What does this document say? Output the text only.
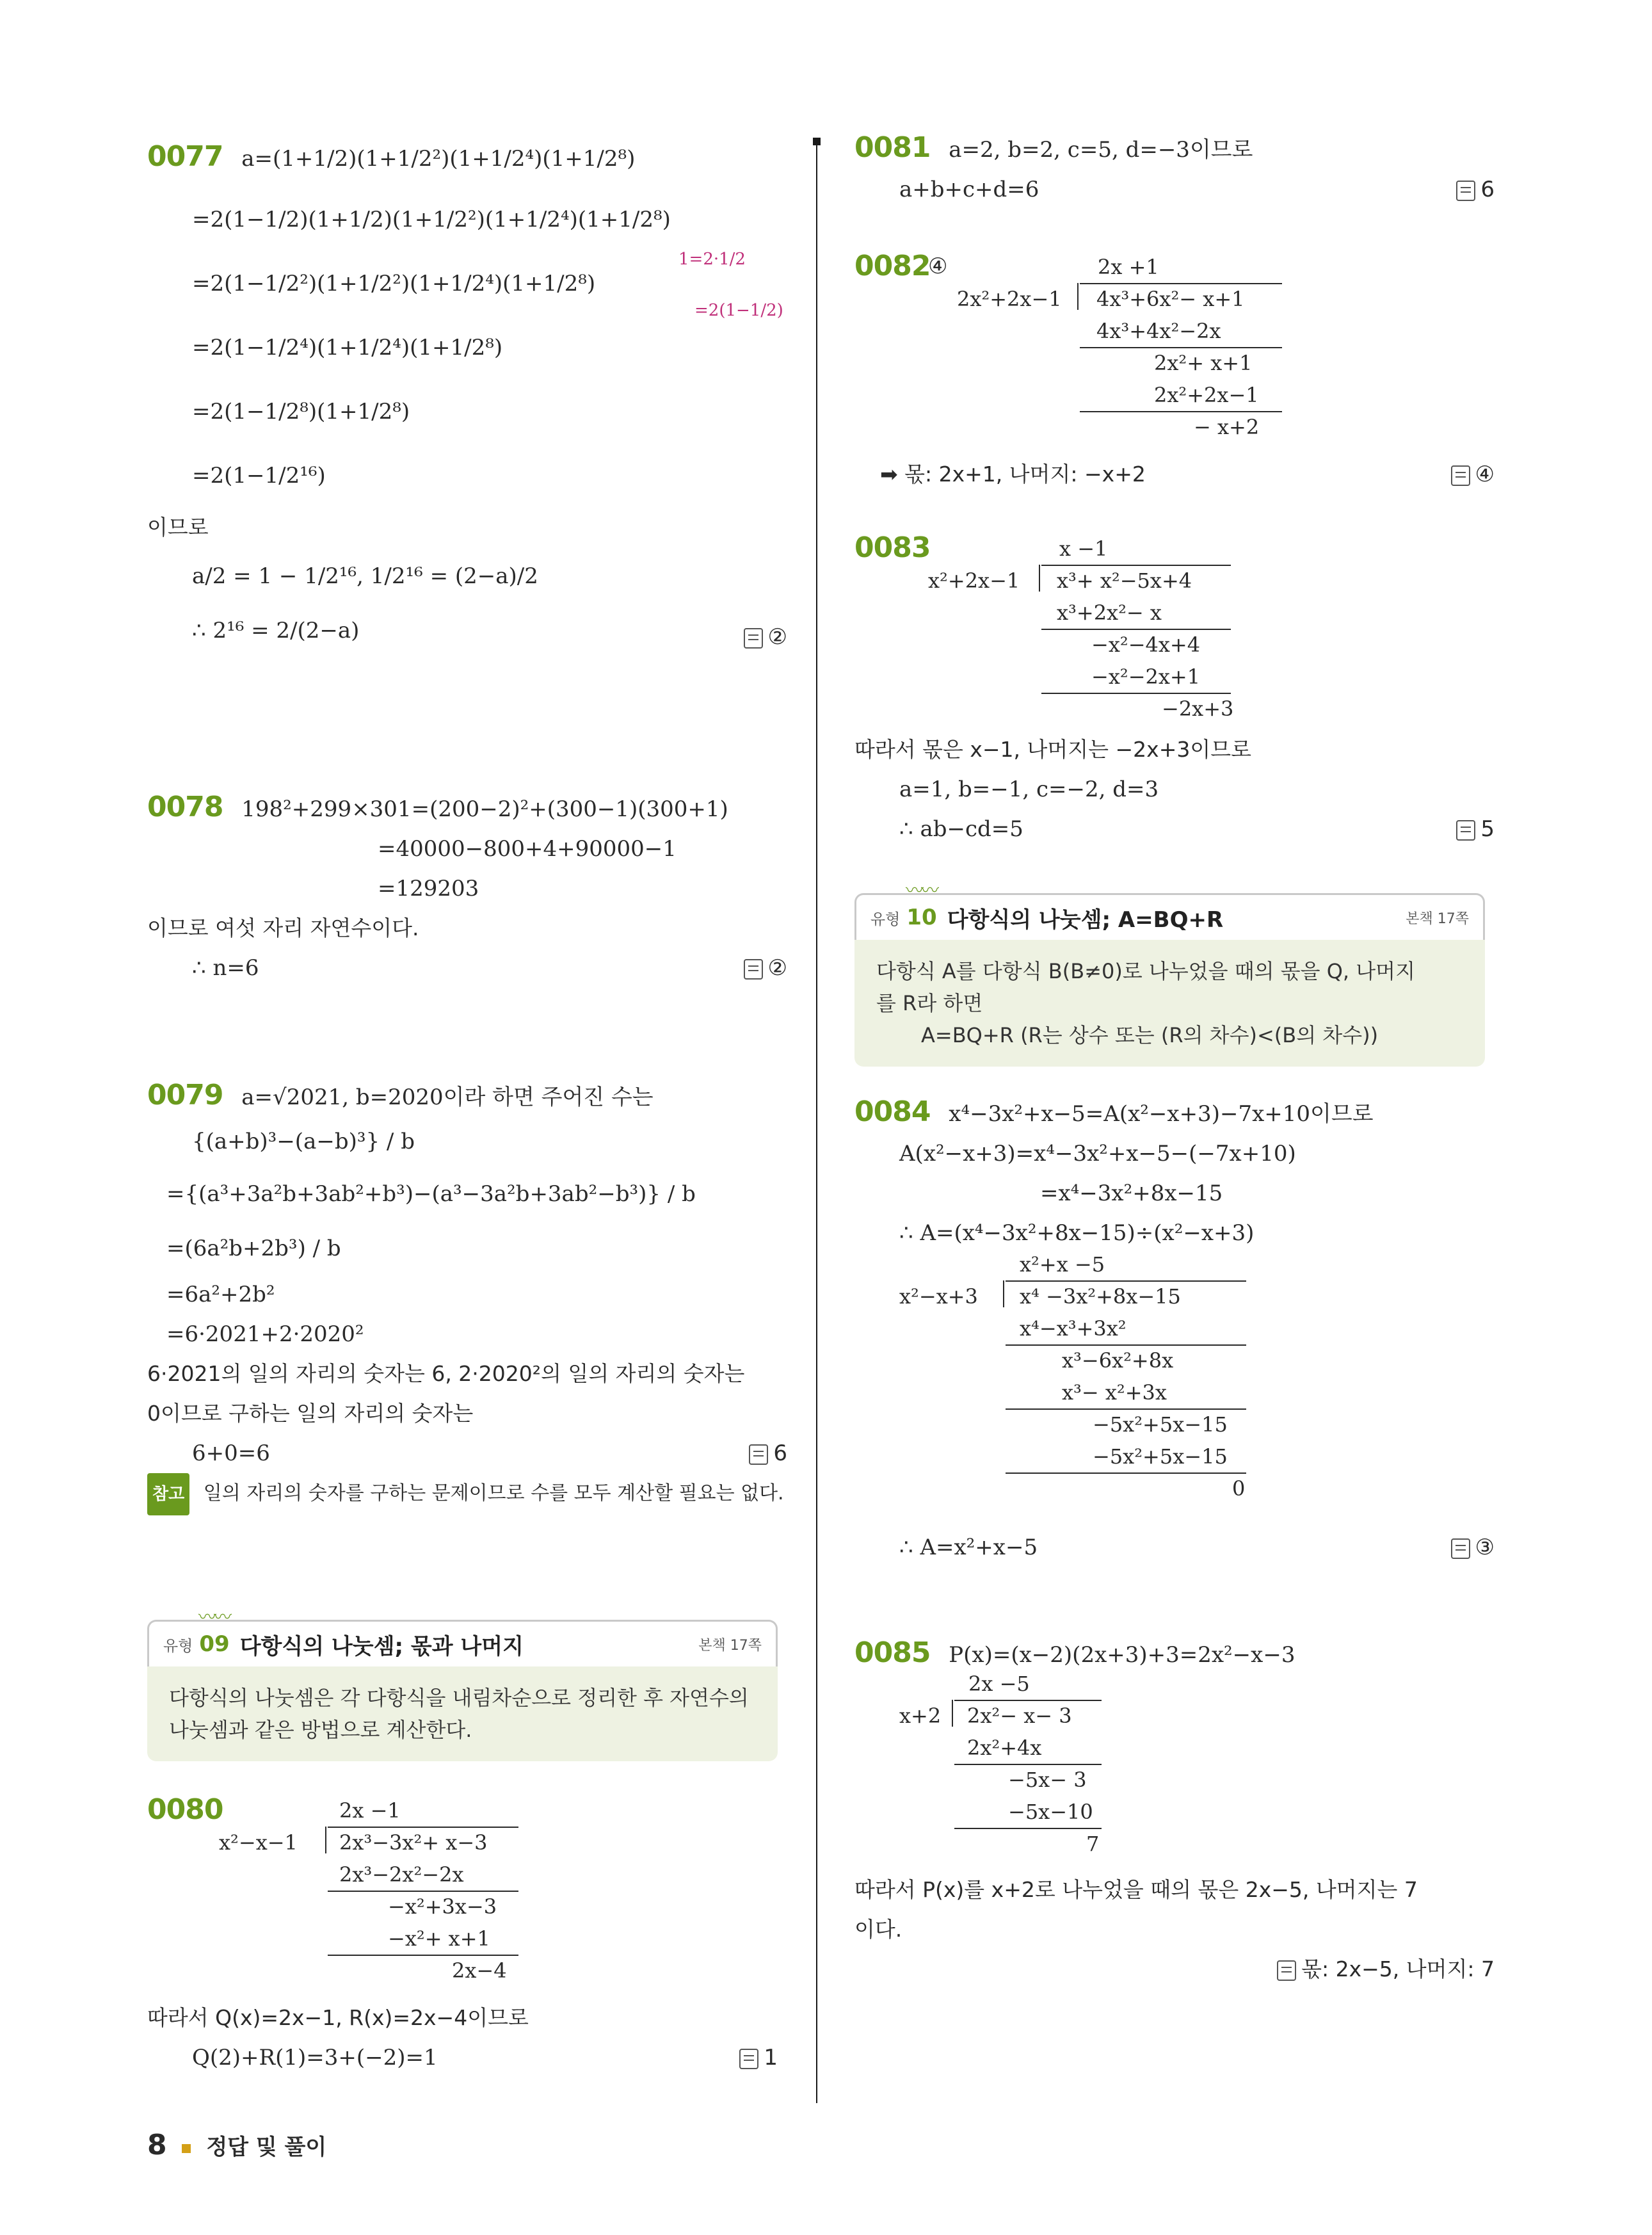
0077 a=(1+1/2)(1+1/2²)(1+1/2⁴)(1+1/2⁸)
=2(1−1/2)(1+1/2)(1+1/2²)(1+1/2⁴)(1+1/2⁸)
1=2·1/2
=2(1−1/2)
=2(1−1/2²)(1+1/2²)(1+1/2⁴)(1+1/2⁸)
=2(1−1/2⁴)(1+1/2⁴)(1+1/2⁸)
=2(1−1/2⁸)(1+1/2⁸)
=2(1−1/2¹⁶)
이므로
a/2 = 1 − 1/2¹⁶, 1/2¹⁶ = (2−a)/2
∴ 2¹⁶ = 2/(2−a)	②
0078 198²+299×301=(200−2)²+(300−1)(300+1)
=40000−800+4+90000−1
=129203
이므로 여섯 자리 자연수이다.
∴ n=6	②
0079 a=√2021, b=2020이라 하면 주어진 수는
{(a+b)³−(a−b)³} / b
={(a³+3a²b+3ab²+b³)−(a³−3a²b+3ab²−b³)} / b
=(6a²b+2b³) / b
=6a²+2b²
=6·2021+2·2020²
6·2021의 일의 자리의 숫자는 6, 2·2020²의 일의 자리의 숫자는
0이므로 구하는 일의 자리의 숫자는
6+0=6	6
참고 일의 자리의 숫자를 구하는 문제이므로 수를 모두 계산할 필요는 없다.
〰〰
유형 09 다항식의 나눗셈; 몫과 나머지	본책 17쪽
다항식의 나눗셈은 각 다항식을 내림차순으로 정리한 후 자연수의
나눗셈과 같은 방법으로 계산한다.
0080	2x −1
x²−x−1 2x³−3x²+ x−3
2x³−2x²−2x
−x²+3x−3
−x²+ x+1
2x−4
따라서 Q(x)=2x−1, R(x)=2x−4이므로
Q(2)+R(1)=3+(−2)=1	1
0081 a=2, b=2, c=5, d=−3이므로
a+b+c+d=6	6
0082
④	2x +1
2x²+2x−1 4x³+6x²− x+1
4x³+4x²−2x
2x²+ x+1
2x²+2x−1
− x+2
➡ 몫: 2x+1, 나머지: −x+2	④
0083	x −1
x²+2x−1 x³+ x²−5x+4
x³+2x²− x
−x²−4x+4
−x²−2x+1
−2x+3
따라서 몫은 x−1, 나머지는 −2x+3이므로
a=1, b=−1, c=−2, d=3
∴ ab−cd=5	5
〰〰
유형 10 다항식의 나눗셈; A=BQ+R	본책 17쪽
다항식 A를 다항식 B(B≠0)로 나누었을 때의 몫을 Q, 나머지
를 R라 하면
A=BQ+R (R는 상수 또는 (R의 차수)<(B의 차수))
0084 x⁴−3x²+x−5=A(x²−x+3)−7x+10이므로
A(x²−x+3)=x⁴−3x²+x−5−(−7x+10)
=x⁴−3x²+8x−15
∴ A=(x⁴−3x²+8x−15)÷(x²−x+3)
x²+x −5
x²−x+3 x⁴ −3x²+8x−15
x⁴−x³+3x²
x³−6x²+8x
x³− x²+3x
−5x²+5x−15
−5x²+5x−15
0
∴ A=x²+x−5	③
0085 P(x)=(x−2)(2x+3)+3=2x²−x−3
2x −5
x+2 2x²− x− 3
2x²+4x
−5x− 3
−5x−10
7
따라서 P(x)를 x+2로 나누었을 때의 몫은 2x−5, 나머지는 7
이다.
몫: 2x−5, 나머지: 7
8 정답 및 풀이
